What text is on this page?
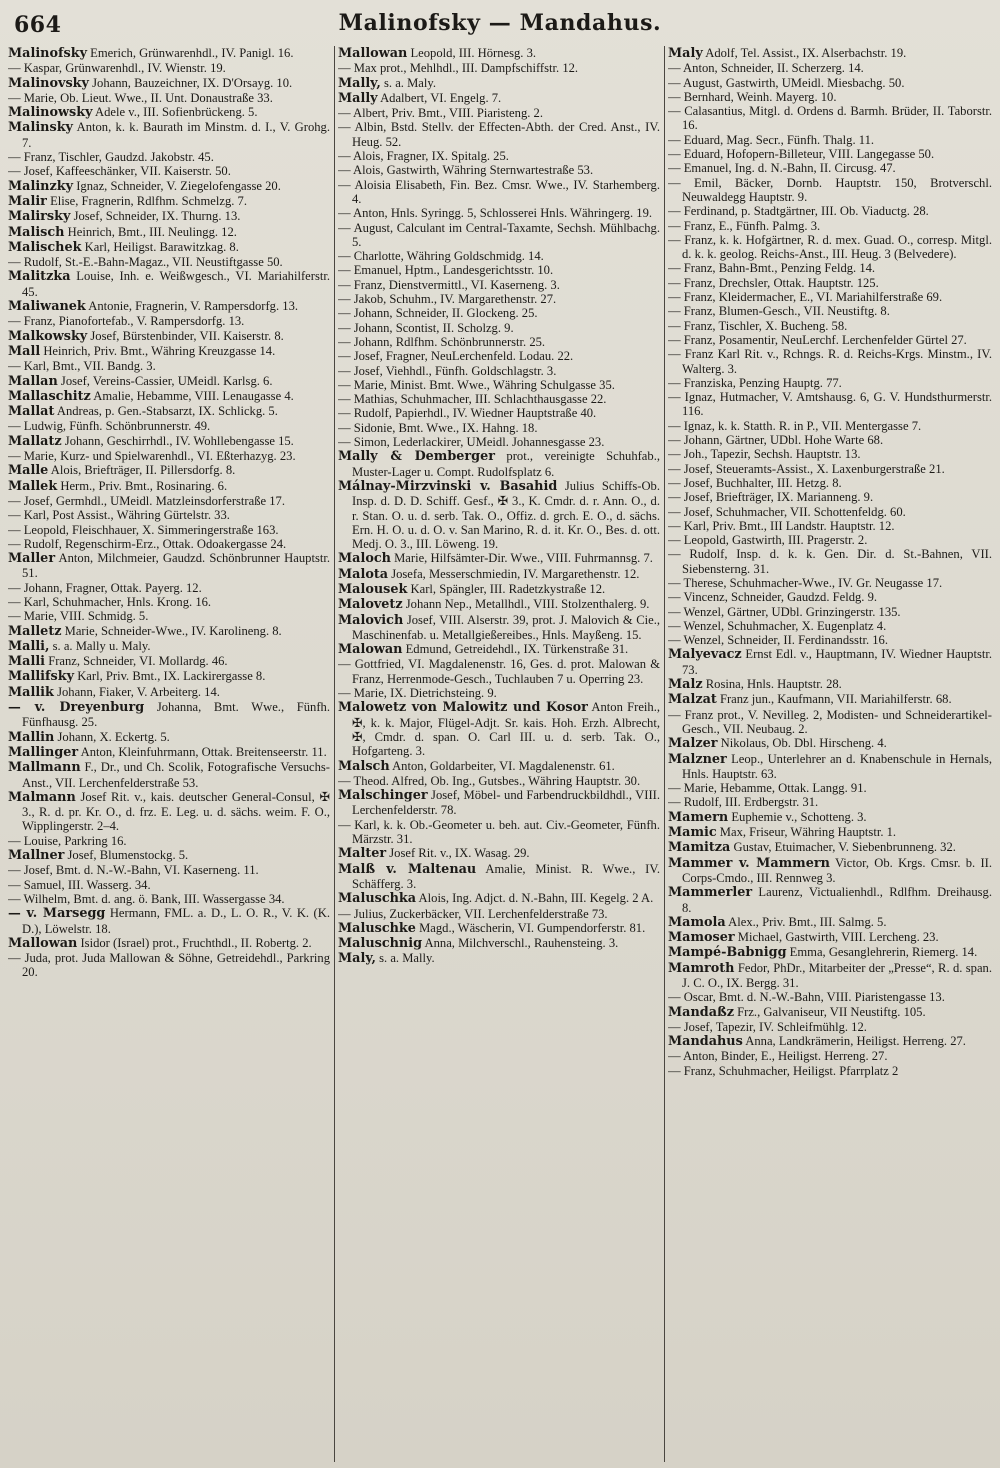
664	Malinofsky — Mandahus.

Malinofsky Emerich, Grünwarenhdl., IV. Panigl. 16.

— Kaspar, Grünwarenhdl., IV. Wienstr. 19.

Malinovsky Johann, Bauzeichner, IX. D'Orsayg. 10.

— Marie, Ob. Lieut. Wwe., II. Unt. Donaustraße 33.

Malinowsky Adele v., III. Sofienbrückeng. 5.

Malinsky Anton, k. k. Baurath im Minstm. d. I., V. Grohg. 7.

— Franz, Tischler, Gaudzd. Jakobstr. 45.

— Josef, Kaffeeschänker, VII. Kaiserstr. 50.

Malinzky Ignaz, Schneider, V. Ziegelofengasse 20.

Malir Elise, Fragnerin, Rdlfhm. Schmelzg. 7.

Malirsky Josef, Schneider, IX. Thurng. 13.

Malisch Heinrich, Bmt., III. Neulingg. 12.

Malischek Karl, Heiligst. Barawitzkag. 8.

— Rudolf, St.-E.-Bahn-Magaz., VII. Neustiftgasse 50.

Malitzka Louise, Inh. e. Weißwgesch., VI. Mariahilferstr. 45.

Maliwanek Antonie, Fragnerin, V. Rampersdorfg. 13.

— Franz, Pianofortefab., V. Rampersdorfg. 13.

Malkowsky Josef, Bürstenbinder, VII. Kaiserstr. 8.

Mall Heinrich, Priv. Bmt., Währing Kreuzgasse 14.

— Karl, Bmt., VII. Bandg. 3.

Mallan Josef, Vereins-Cassier, UMeidl. Karlsg. 6.

Mallaschitz Amalie, Hebamme, VIII. Lenaugasse 4.

Mallat Andreas, p. Gen.-Stabsarzt, IX. Schlickg. 5.

— Ludwig, Fünfh. Schönbrunnerstr. 49.

Mallatz Johann, Geschirrhdl., IV. Wohllebengasse 15.

— Marie, Kurz- und Spielwarenhdl., VI. Eßterhazyg. 23.

Malle Alois, Briefträger, II. Pillersdorfg. 8.

Mallek Herm., Priv. Bmt., Rosinaring. 6.

— Josef, Germhdl., UMeidl. Matzleinsdorferstraße 17.

— Karl, Post Assist., Währing Gürtelstr. 33.

— Leopold, Fleischhauer, X. Simmeringerstraße 163.

— Rudolf, Regenschirm-Erz., Ottak. Odoakergasse 24.

Maller Anton, Milchmeier, Gaudzd. Schönbrunner Hauptstr. 51.

— Johann, Fragner, Ottak. Payerg. 12.

— Karl, Schuhmacher, Hnls. Krong. 16.

— Marie, VIII. Schmidg. 5.

Malletz Marie, Schneider-Wwe., IV. Karolineng. 8.

Malli, s. a. Mally u. Maly.

Malli Franz, Schneider, VI. Mollardg. 46.

Mallifsky Karl, Priv. Bmt., IX. Lackirergasse 8.

Mallik Johann, Fiaker, V. Arbeiterg. 14.

— v. Dreyenburg Johanna, Bmt. Wwe., Fünfh. Fünfhausg. 25.

Mallin Johann, X. Eckertg. 5.

Mallinger Anton, Kleinfuhrmann, Ottak. Breitenseerstr. 11.

Mallmann F., Dr., und Ch. Scolik, Fotografische Versuchs-Anst., VII. Lerchenfelderstraße 53.

Malmann Josef Rit. v., kais. deutscher General-Consul, ✠ 3., R. d. pr. Kr. O., d. frz. E. Leg. u. d. sächs. weim. F. O., Wipplingerstr. 2–4.

— Louise, Parkring 16.

Mallner Josef, Blumenstockg. 5.

— Josef, Bmt. d. N.-W.-Bahn, VI. Kaserneng. 11.

— Samuel, III. Wasserg. 34.

— Wilhelm, Bmt. d. ang. ö. Bank, III. Wassergasse 34.

— v. Marsegg Hermann, FML. a. D., L. O. R., V. K. (K. D.), Löwelstr. 18.

Mallowan Isidor (Israel) prot., Fruchthdl., II. Robertg. 2.

— Juda, prot. Juda Mallowan & Söhne, Getreidehdl., Parkring 20.

Mallowan Leopold, III. Hörnesg. 3.

— Max prot., Mehlhdl., III. Dampfschiffstr. 12.

Mally, s. a. Maly.

Mally Adalbert, VI. Engelg. 7.

— Albert, Priv. Bmt., VIII. Piaristeng. 2.

— Albin, Bstd. Stellv. der Effecten-Abth. der Cred. Anst., IV. Heug. 52.

— Alois, Fragner, IX. Spitalg. 25.

— Alois, Gastwirth, Währing Sternwartestraße 53.

— Aloisia Elisabeth, Fin. Bez. Cmsr. Wwe., IV. Starhemberg. 4.

— Anton, Hnls. Syringg. 5, Schlosserei Hnls. Währingerg. 19.

— August, Calculant im Central-Taxamte, Sechsh. Mühlbachg. 5.

— Charlotte, Währing Goldschmidg. 14.

— Emanuel, Hptm., Landesgerichtsstr. 10.

— Franz, Dienstvermittl., VI. Kaserneng. 3.

— Jakob, Schuhm., IV. Margarethenstr. 27.

— Johann, Schneider, II. Glockeng. 25.

— Johann, Scontist, II. Scholzg. 9.

— Johann, Rdlfhm. Schönbrunnerstr. 25.

— Josef, Fragner, NeuLerchenfeld. Lodau. 22.

— Josef, Viehhdl., Fünfh. Goldschlagstr. 3.

— Marie, Minist. Bmt. Wwe., Währing Schulgasse 35.

— Mathias, Schuhmacher, III. Schlachthausgasse 22.

— Rudolf, Papierhdl., IV. Wiedner Hauptstraße 40.

— Sidonie, Bmt. Wwe., IX. Hahng. 18.

— Simon, Lederlackirer, UMeidl. Johannesgasse 23.

Mally & Demberger prot., vereinigte Schuhfab., Muster-Lager u. Compt. Rudolfsplatz 6.

Málnay-Mirzvinski v. Basahid Julius Schiffs-Ob. Insp. d. D. D. Schiff. Gesf., ✠ 3., K. Cmdr. d. r. Ann. O., d. r. Stan. O. u. d. serb. Tak. O., Offiz. d. grch. E. O., d. sächs. Ern. H. O. u. d. O. v. San Marino, R. d. it. Kr. O., Bes. d. ott. Medj. O. 3., III. Löweng. 19.

Maloch Marie, Hilfsämter-Dir. Wwe., VIII. Fuhrmannsg. 7.

Malota Josefa, Messerschmiedin, IV. Margarethenstr. 12.

Malousek Karl, Spängler, III. Radetzkystraße 12.

Malovetz Johann Nep., Metallhdl., VIII. Stolzenthalerg. 9.

Malovich Josef, VIII. Alserstr. 39, prot. J. Malovich & Cie., Maschinenfab. u. Metallgießereibes., Hnls. Mayßeng. 15.

Malowan Edmund, Getreidehdl., IX. Türkenstraße 31.

— Gottfried, VI. Magdalenenstr. 16, Ges. d. prot. Malowan & Franz, Herrenmode-Gesch., Tuchlauben 7 u. Operring 23.

— Marie, IX. Dietrichsteing. 9.

Malowetz von Malowitz und Kosor Anton Freih., ✠, k. k. Major, Flügel-Adjt. Sr. kais. Hoh. Erzh. Albrecht, ✠, Cmdr. d. span. O. Carl III. u. d. serb. Tak. O., Hofgarteng. 3.

Malsch Anton, Goldarbeiter, VI. Magdalenenstr. 61.

— Theod. Alfred, Ob. Ing., Gutsbes., Währing Hauptstr. 30.

Malschinger Josef, Möbel- und Farbendruckbildhdl., VIII. Lerchenfelderstr. 78.

— Karl, k. k. Ob.-Geometer u. beh. aut. Civ.-Geometer, Fünfh. Märzstr. 31.

Malter Josef Rit. v., IX. Wasag. 29.

Malß v. Maltenau Amalie, Minist. R. Wwe., IV. Schäfferg. 3.

Maluschka Alois, Ing. Adjct. d. N.-Bahn, III. Kegelg. 2 A.

— Julius, Zuckerbäcker, VII. Lerchenfelderstraße 73.

Maluschke Magd., Wäscherin, VI. Gumpendorferstr. 81.

Maluschnig Anna, Milchverschl., Rauhensteing. 3.

Maly, s. a. Mally.

Maly Adolf, Tel. Assist., IX. Alserbachstr. 19.

— Anton, Schneider, II. Scherzerg. 14.

— August, Gastwirth, UMeidl. Miesbachg. 50.

— Bernhard, Weinh. Mayerg. 10.

— Calasantius, Mitgl. d. Ordens d. Barmh. Brüder, II. Taborstr. 16.

— Eduard, Mag. Secr., Fünfh. Thalg. 11.

— Eduard, Hofopern-Billeteur, VIII. Langegasse 50.

— Emanuel, Ing. d. N.-Bahn, II. Circusg. 47.

— Emil, Bäcker, Dornb. Hauptstr. 150, Brotverschl. Neuwaldegg Hauptstr. 9.

— Ferdinand, p. Stadtgärtner, III. Ob. Viaductg. 28.

— Franz, E., Fünfh. Palmg. 3.

— Franz, k. k. Hofgärtner, R. d. mex. Guad. O., corresp. Mitgl. d. k. k. geolog. Reichs-Anst., III. Heug. 3 (Belvedere).

— Franz, Bahn-Bmt., Penzing Feldg. 14.

— Franz, Drechsler, Ottak. Hauptstr. 125.

— Franz, Kleidermacher, E., VI. Mariahilferstraße 69.

— Franz, Blumen-Gesch., VII. Neustiftg. 8.

— Franz, Tischler, X. Bucheng. 58.

— Franz, Posamentir, NeuLerchf. Lerchenfelder Gürtel 27.

— Franz Karl Rit. v., Rchngs. R. d. Reichs-Krgs. Minstm., IV. Walterg. 3.

— Franziska, Penzing Hauptg. 77.

— Ignaz, Hutmacher, V. Amtshausg. 6, G. V. Hundsthurmerstr. 116.

— Ignaz, k. k. Statth. R. in P., VII. Mentergasse 7.

— Johann, Gärtner, UDbl. Hohe Warte 68.

— Joh., Tapezir, Sechsh. Hauptstr. 13.

— Josef, Steueramts-Assist., X. Laxenburgerstraße 21.

— Josef, Buchhalter, III. Hetzg. 8.

— Josef, Briefträger, IX. Marianneng. 9.

— Josef, Schuhmacher, VII. Schottenfeldg. 60.

— Karl, Priv. Bmt., III Landstr. Hauptstr. 12.

— Leopold, Gastwirth, III. Pragerstr. 2.

— Rudolf, Insp. d. k. k. Gen. Dir. d. St.-Bahnen, VII. Siebensterng. 31.

— Therese, Schuhmacher-Wwe., IV. Gr. Neugasse 17.

— Vincenz, Schneider, Gaudzd. Feldg. 9.

— Wenzel, Gärtner, UDbl. Grinzingerstr. 135.

— Wenzel, Schuhmacher, X. Eugenplatz 4.

— Wenzel, Schneider, II. Ferdinandsstr. 16.

Malyevacz Ernst Edl. v., Hauptmann, IV. Wiedner Hauptstr. 73.

Malz Rosina, Hnls. Hauptstr. 28.

Malzat Franz jun., Kaufmann, VII. Mariahilferstr. 68.

— Franz prot., V. Nevilleg. 2, Modisten- und Schneiderartikel-Gesch., VII. Neubaug. 2.

Malzer Nikolaus, Ob. Dbl. Hirscheng. 4.

Malzner Leop., Unterlehrer an d. Knabenschule in Hernals, Hnls. Hauptstr. 63.

— Marie, Hebamme, Ottak. Langg. 91.

— Rudolf, III. Erdbergstr. 31.

Mamern Euphemie v., Schotteng. 3.

Mamic Max, Friseur, Währing Hauptstr. 1.

Mamitza Gustav, Etuimacher, V. Siebenbrunneng. 32.

Mammer v. Mammern Victor, Ob. Krgs. Cmsr. b. II. Corps-Cmdo., III. Rennweg 3.

Mammerler Laurenz, Victualienhdl., Rdlfhm. Dreihausg. 8.

Mamola Alex., Priv. Bmt., III. Salmg. 5.

Mamoser Michael, Gastwirth, VIII. Lercheng. 23.

Mampé-Babnigg Emma, Gesanglehrerin, Riemerg. 14.

Mamroth Fedor, PhDr., Mitarbeiter der „Presse“, R. d. span. J. C. O., IX. Bergg. 31.

— Oscar, Bmt. d. N.-W.-Bahn, VIII. Piaristengasse 13.

Mandaßz Frz., Galvaniseur, VII Neustiftg. 105.

— Josef, Tapezir, IV. Schleifmühlg. 12.

Mandahus Anna, Landkrämerin, Heiligst. Herreng. 27.

— Anton, Binder, E., Heiligst. Herreng. 27.

— Franz, Schuhmacher, Heiligst. Pfarrplatz 2
